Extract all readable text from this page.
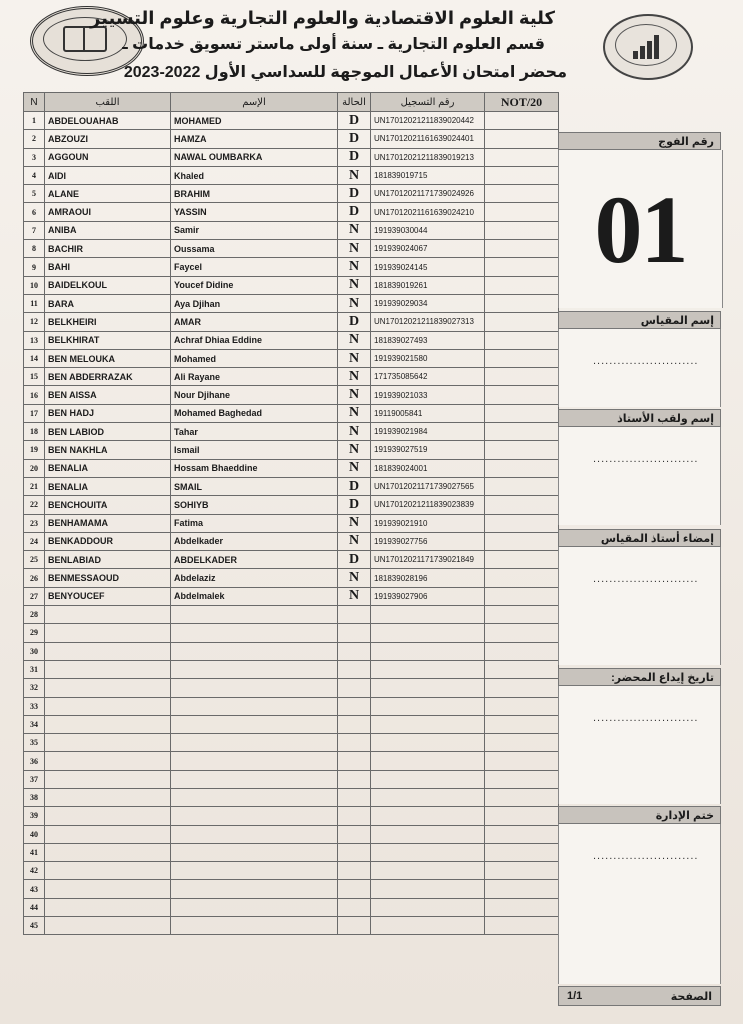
كلية العلوم الاقتصادية والعلوم التجارية وعلوم التسيير
قسم العلوم التجارية ـ سنة أولى ماستر تسويق خدمات ـ
محضر امتحان الأعمال الموجهة للسداسي الأول 2022-2023
N	اللقب	الإسم	الحالة	رقم التسجيل	NOT/20
1	ABDELOUAHAB	MOHAMED	D	UN17012021211839020442	
2	ABZOUZI	HAMZA	D	UN17012021161639024401	
3	AGGOUN	NAWAL OUMBARKA	D	UN17012021211839019213	
4	AIDI	Khaled	N	181839019715	
5	ALANE	BRAHIM	D	UN17012021171739024926	
6	AMRAOUI	YASSIN	D	UN17012021161639024210	
7	ANIBA	Samir	N	191939030044	
8	BACHIR	Oussama	N	191939024067	
9	BAHI	Faycel	N	191939024145	
10	BAIDELKOUL	Youcef Didine	N	181839019261	
11	BARA	Aya Djihan	N	191939029034	
12	BELKHEIRI	AMAR	D	UN17012021211839027313	
13	BELKHIRAT	Achraf Dhiaa Eddine	N	181839027493	
14	BEN MELOUKA	Mohamed	N	191939021580	
15	BEN ABDERRAZAK	Ali Rayane	N	171735085642	
16	BEN AISSA	Nour Djihane	N	191939021033	
17	BEN HADJ	Mohamed Baghedad	N	19119005841	
18	BEN LABIOD	Tahar	N	191939021984	
19	BEN NAKHLA	Ismail	N	191939027519	
20	BENALIA	Hossam Bhaeddine	N	181839024001	
21	BENALIA	SMAIL	D	UN17012021171739027565	
22	BENCHOUITA	SOHIYB	D	UN17012021211839023839	
23	BENHAMAMA	Fatima	N	191939021910	
24	BENKADDOUR	Abdelkader	N	191939027756	
25	BENLABIAD	ABDELKADER	D	UN17012021171739021849	
26	BENMESSAOUD	Abdelaziz	N	181839028196	
27	BENYOUCEF	Abdelmalek	N	191939027906	
28					
29					
30					
31					
32					
33					
34					
35					
36					
37					
38					
39					
40					
41					
42					
43					
44					
45					
رقم الفوج
01
إسم المقياس
..........................
إسم ولقب الأستاذ
..........................
إمضاء أستاذ المقياس
..........................
تاريخ إيداع المحضر:
..........................
ختم الإدارة
..........................
الصفحة
1/1
